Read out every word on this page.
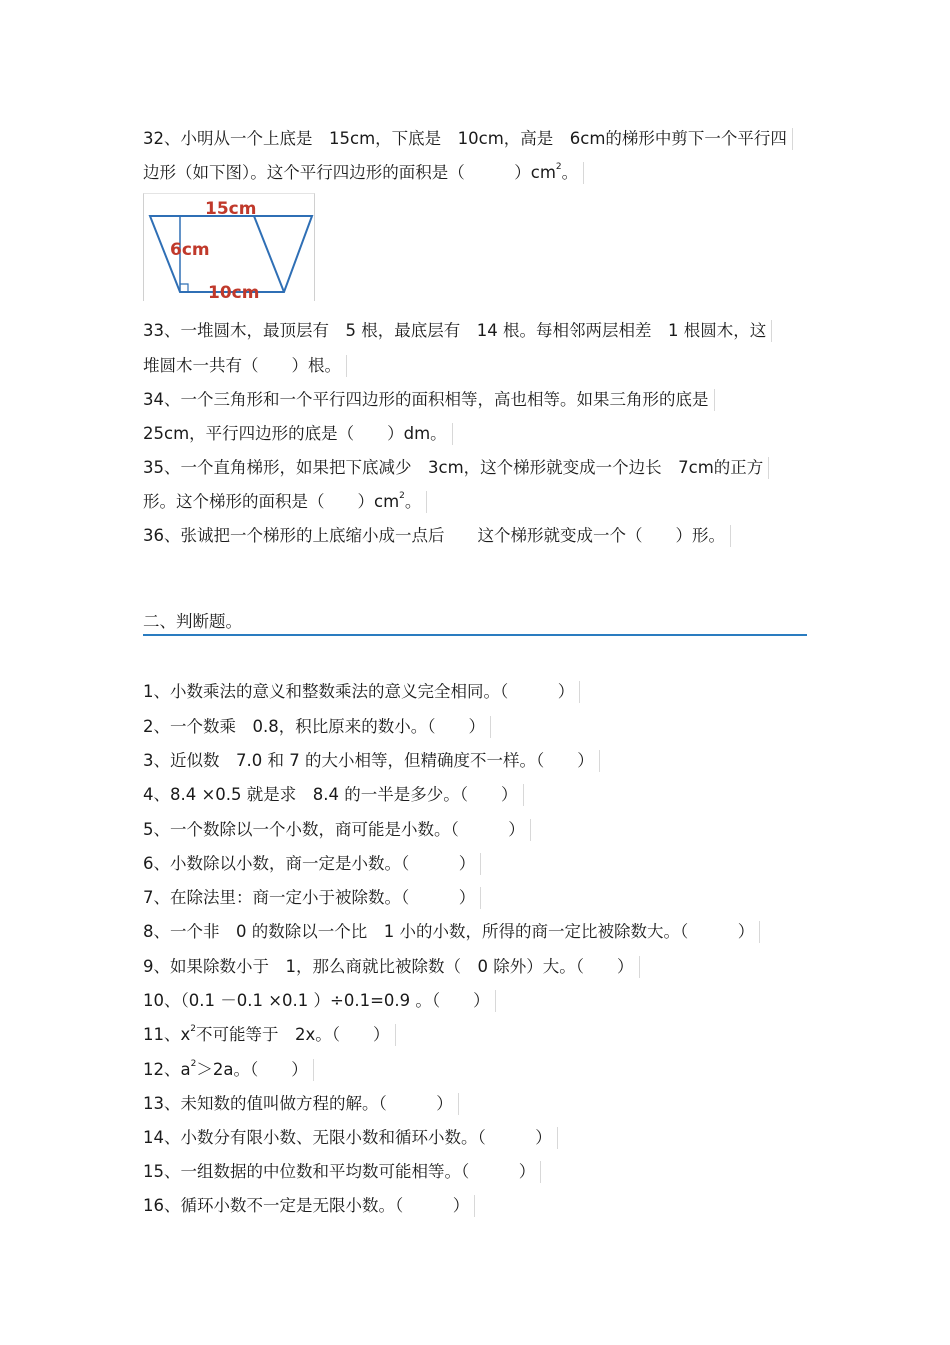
32、小明从一个上底是　15cm，下底是　10cm，高是　6cm的梯形中剪下一个平行四
边形（如下图）。这个平行四边形的面积是（　　　）$cm^2$。
15cm
6cm
10cm
33、一堆圆木，最顶层有　5 根，最底层有　14 根。每相邻两层相差　1 根圆木，这
堆圆木一共有（　　）根。
34、一个三角形和一个平行四边形的面积相等，高也相等。如果三角形的底是
25cm，平行四边形的底是（　　）dm。
35、一个直角梯形，如果把下底减少　3cm，这个梯形就变成一个边长　7cm的正方
形。这个梯形的面积是（　　）$cm^2$。
36、张诚把一个梯形的上底缩小成一点后　　这个梯形就变成一个（　　）形。
二、判断题。
1、小数乘法的意义和整数乘法的意义完全相同。（　　　）
2、一个数乘　0.8，积比原来的数小。（　　）
3、近似数　7.0 和 7 的大小相等，但精确度不一样。（　　）
4、8.4 ×0.5 就是求　8.4 的一半是多少。（　　）
5、一个数除以一个小数，商可能是小数。（　　　）
6、小数除以小数，商一定是小数。（　　　）
7、在除法里：商一定小于被除数。（　　　）
8、一个非　0 的数除以一个比　1 小的小数，所得的商一定比被除数大。（　　　）
9、如果除数小于　1，那么商就比被除数（　0 除外）大。（　　）
10、（0.1 －0.1 ×0.1 ）÷0.1=0.9 。（　　）
11、$x^2$不可能等于　2x。（　　）
12、$a^2>2a$。（　　）
13、未知数的值叫做方程的解。（　　　）
14、小数分有限小数、无限小数和循环小数。（　　　）
15、一组数据的中位数和平均数可能相等。（　　　）
16、循环小数不一定是无限小数。（　　　）
